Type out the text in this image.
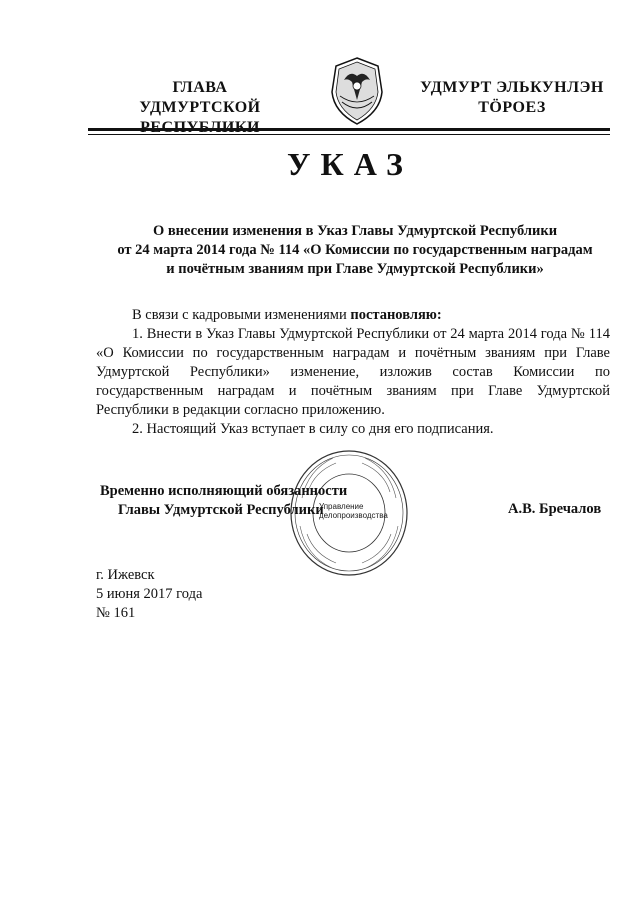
ГЛАВА
УДМУРТСКОЙ
УДМУРТ ЭЛЬКУНЛЭН
ТӦРОЕЗ
УКАЗ
О внесении изменения в Указ Главы Удмуртской Республики
от 24 марта 2014 года № 114 «О Комиссии по государственным наградам
и почётным званиям при Главе Удмуртской Республики»

В связи с кадровыми изменениями постановляю:

1. Внести в Указ Главы Удмуртской Республики от 24 марта 2014 года № 114 «О Комиссии по государственным наградам и почётным званиям при Главе Удмуртской Республики» изменение, изложив состав Комиссии по государственным наградам и почётным званиям при Главе Удмуртской Республики в редакции согласно приложению.

2. Настоящий Указ вступает в силу со дня его подписания.

Управление
делопроизводства
Временно исполняющий обязанности
Главы Удмуртской Республики	А.В. Бречалов
г. Ижевск
5 июня 2017 года
№ 161
